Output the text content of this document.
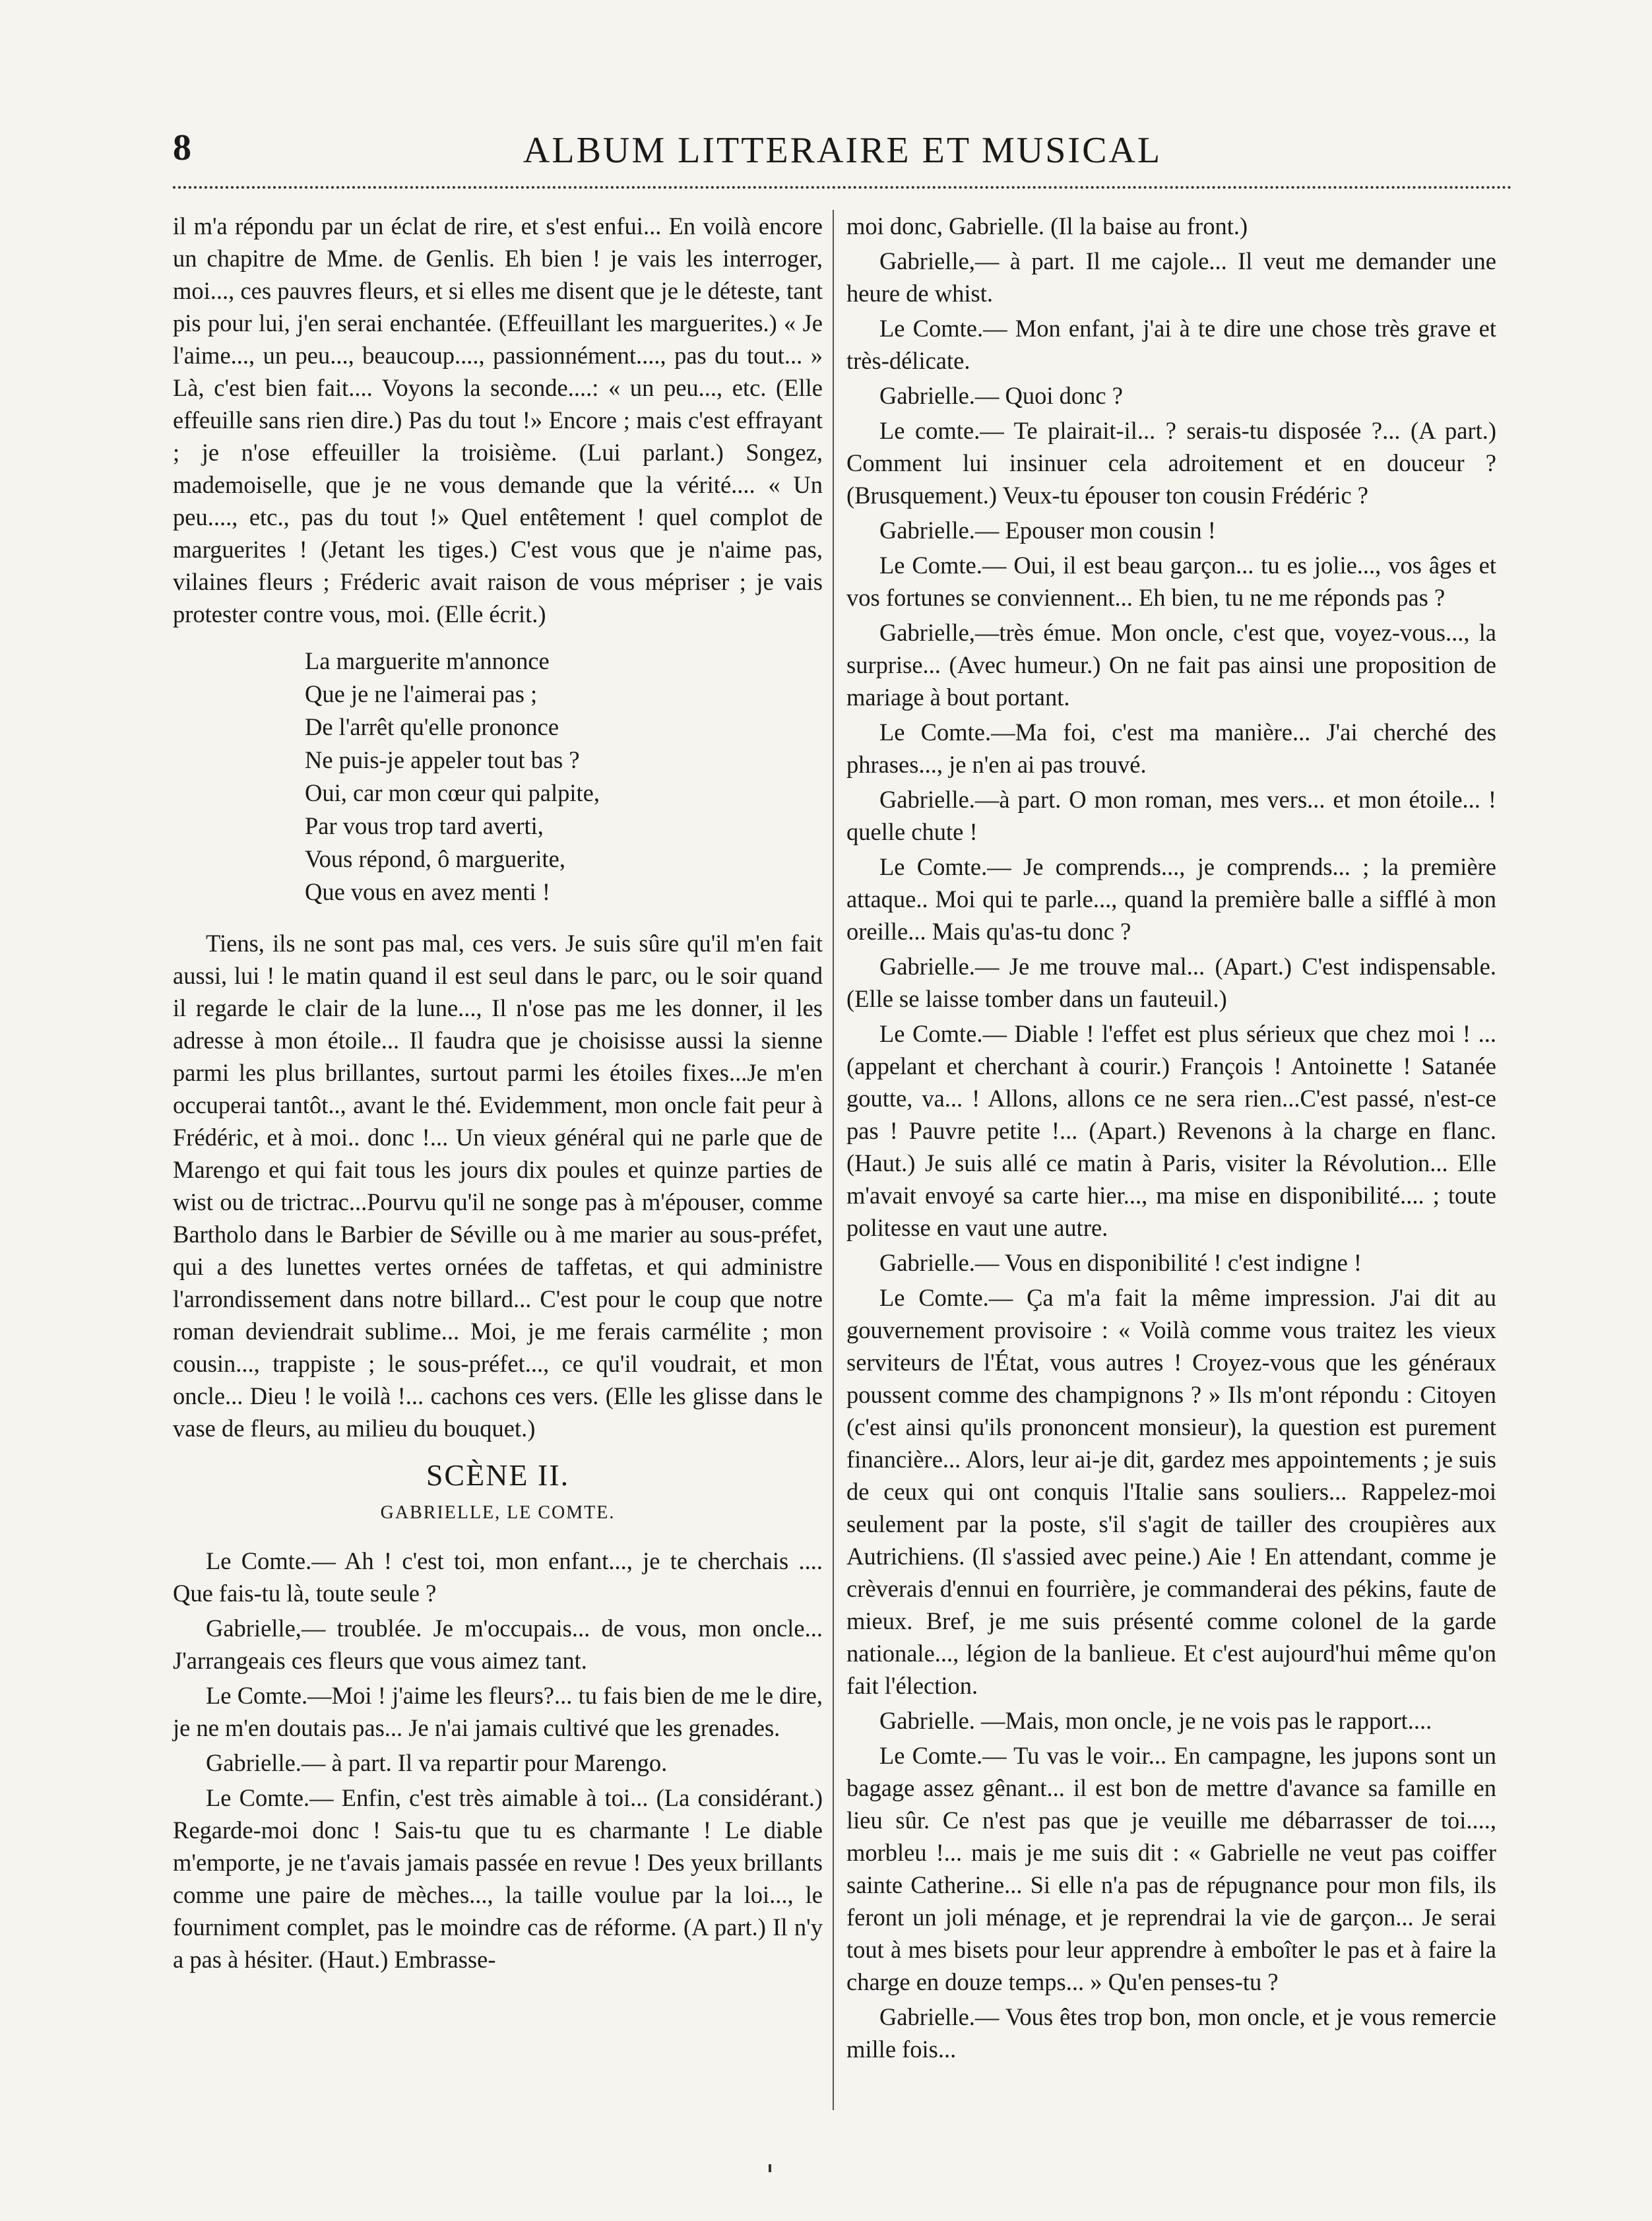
8	ALBUM LITTERAIRE ET MUSICAL

il m'a répondu par un éclat de rire, et s'est enfui... En voilà encore un chapitre de Mme. de Genlis. Eh bien ! je vais les interroger, moi..., ces pauvres fleurs, et si elles me disent que je le déteste, tant pis pour lui, j'en serai enchantée. (Effeuillant les marguerites.) « Je l'aime..., un peu..., beaucoup...., passionnément...., pas du tout... » Là, c'est bien fait.... Voyons la seconde....: « un peu..., etc. (Elle effeuille sans rien dire.) Pas du tout !» Encore ; mais c'est effrayant ; je n'ose effeuiller la troisième. (Lui parlant.) Songez, mademoiselle, que je ne vous demande que la vérité.... « Un peu...., etc., pas du tout !» Quel entêtement ! quel complot de marguerites ! (Jetant les tiges.) C'est vous que je n'aime pas, vilaines fleurs ; Fréderic avait raison de vous mépriser ; je vais protester contre vous, moi. (Elle écrit.)

La marguerite m'annonce
Que je ne l'aimerai pas ;
De l'arrêt qu'elle prononce
Ne puis-je appeler tout bas ?
Oui, car mon cœur qui palpite,
Par vous trop tard averti,
Vous répond, ô marguerite,
Que vous en avez menti !

Tiens, ils ne sont pas mal, ces vers. Je suis sûre qu'il m'en fait aussi, lui ! le matin quand il est seul dans le parc, ou le soir quand il regarde le clair de la lune..., Il n'ose pas me les donner, il les adresse à mon étoile... Il faudra que je choisisse aussi la sienne parmi les plus brillantes, surtout parmi les étoiles fixes...Je m'en occuperai tantôt.., avant le thé. Evidemment, mon oncle fait peur à Frédéric, et à moi.. donc !... Un vieux général qui ne parle que de Marengo et qui fait tous les jours dix poules et quinze parties de wist ou de trictrac...Pourvu qu'il ne songe pas à m'épouser, comme Bartholo dans le Barbier de Séville ou à me marier au sous-préfet, qui a des lunettes vertes ornées de taffetas, et qui administre l'arrondissement dans notre billard... C'est pour le coup que notre roman deviendrait sublime... Moi, je me ferais carmélite ; mon cousin..., trappiste ; le sous-préfet..., ce qu'il voudrait, et mon oncle... Dieu ! le voilà !... cachons ces vers. (Elle les glisse dans le vase de fleurs, au milieu du bouquet.)

SCÈNE II.
GABRIELLE, LE COMTE.

Le Comte.— Ah ! c'est toi, mon enfant..., je te cherchais .... Que fais-tu là, toute seule ?

Gabrielle,— troublée. Je m'occupais... de vous, mon oncle... J'arrangeais ces fleurs que vous aimez tant.

Le Comte.—Moi ! j'aime les fleurs?... tu fais bien de me le dire, je ne m'en doutais pas... Je n'ai jamais cultivé que les grenades.

Gabrielle.— à part. Il va repartir pour Marengo.

Le Comte.— Enfin, c'est très aimable à toi... (La considérant.) Regarde-moi donc ! Sais-tu que tu es charmante ! Le diable m'emporte, je ne t'avais jamais passée en revue ! Des yeux brillants comme une paire de mèches..., la taille voulue par la loi..., le fourniment complet, pas le moindre cas de réforme. (A part.) Il n'y a pas à hésiter. (Haut.) Embrasse-

moi donc, Gabrielle. (Il la baise au front.)

Gabrielle,— à part. Il me cajole... Il veut me demander une heure de whist.

Le Comte.— Mon enfant, j'ai à te dire une chose très grave et très-délicate.

Gabrielle.— Quoi donc ?

Le comte.— Te plairait-il... ? serais-tu disposée ?... (A part.) Comment lui insinuer cela adroitement et en douceur ? (Brusquement.) Veux-tu épouser ton cousin Frédéric ?

Gabrielle.— Epouser mon cousin !

Le Comte.— Oui, il est beau garçon... tu es jolie..., vos âges et vos fortunes se conviennent... Eh bien, tu ne me réponds pas ?

Gabrielle,—très émue. Mon oncle, c'est que, voyez-vous..., la surprise... (Avec humeur.) On ne fait pas ainsi une proposition de mariage à bout portant.

Le Comte.—Ma foi, c'est ma manière... J'ai cherché des phrases..., je n'en ai pas trouvé.

Gabrielle.—à part. O mon roman, mes vers... et mon étoile... ! quelle chute !

Le Comte.— Je comprends..., je comprends... ; la première attaque.. Moi qui te parle..., quand la première balle a sifflé à mon oreille... Mais qu'as-tu donc ?

Gabrielle.— Je me trouve mal... (Apart.) C'est indispensable. (Elle se laisse tomber dans un fauteuil.)

Le Comte.— Diable ! l'effet est plus sérieux que chez moi ! ... (appelant et cherchant à courir.) François ! Antoinette ! Satanée goutte, va... ! Allons, allons ce ne sera rien...C'est passé, n'est-ce pas ! Pauvre petite !... (Apart.) Revenons à la charge en flanc. (Haut.) Je suis allé ce matin à Paris, visiter la Révolution... Elle m'avait envoyé sa carte hier..., ma mise en disponibilité.... ; toute politesse en vaut une autre.

Gabrielle.— Vous en disponibilité ! c'est indigne !

Le Comte.— Ça m'a fait la même impression. J'ai dit au gouvernement provisoire : « Voilà comme vous traitez les vieux serviteurs de l'État, vous autres ! Croyez-vous que les généraux poussent comme des champignons ? » Ils m'ont répondu : Citoyen (c'est ainsi qu'ils prononcent monsieur), la question est purement financière... Alors, leur ai-je dit, gardez mes appointements ; je suis de ceux qui ont conquis l'Italie sans souliers... Rappelez-moi seulement par la poste, s'il s'agit de tailler des croupières aux Autrichiens. (Il s'assied avec peine.) Aie ! En attendant, comme je crèverais d'ennui en fourrière, je commanderai des pékins, faute de mieux. Bref, je me suis présenté comme colonel de la garde nationale..., légion de la banlieue. Et c'est aujourd'hui même qu'on fait l'élection.

Gabrielle. —Mais, mon oncle, je ne vois pas le rapport....

Le Comte.— Tu vas le voir... En campagne, les jupons sont un bagage assez gênant... il est bon de mettre d'avance sa famille en lieu sûr. Ce n'est pas que je veuille me débarrasser de toi...., morbleu !... mais je me suis dit : « Gabrielle ne veut pas coiffer sainte Catherine... Si elle n'a pas de répugnance pour mon fils, ils feront un joli ménage, et je reprendrai la vie de garçon... Je serai tout à mes bisets pour leur apprendre à emboîter le pas et à faire la charge en douze temps... » Qu'en penses-tu ?

Gabrielle.— Vous êtes trop bon, mon oncle, et je vous remercie mille fois...
